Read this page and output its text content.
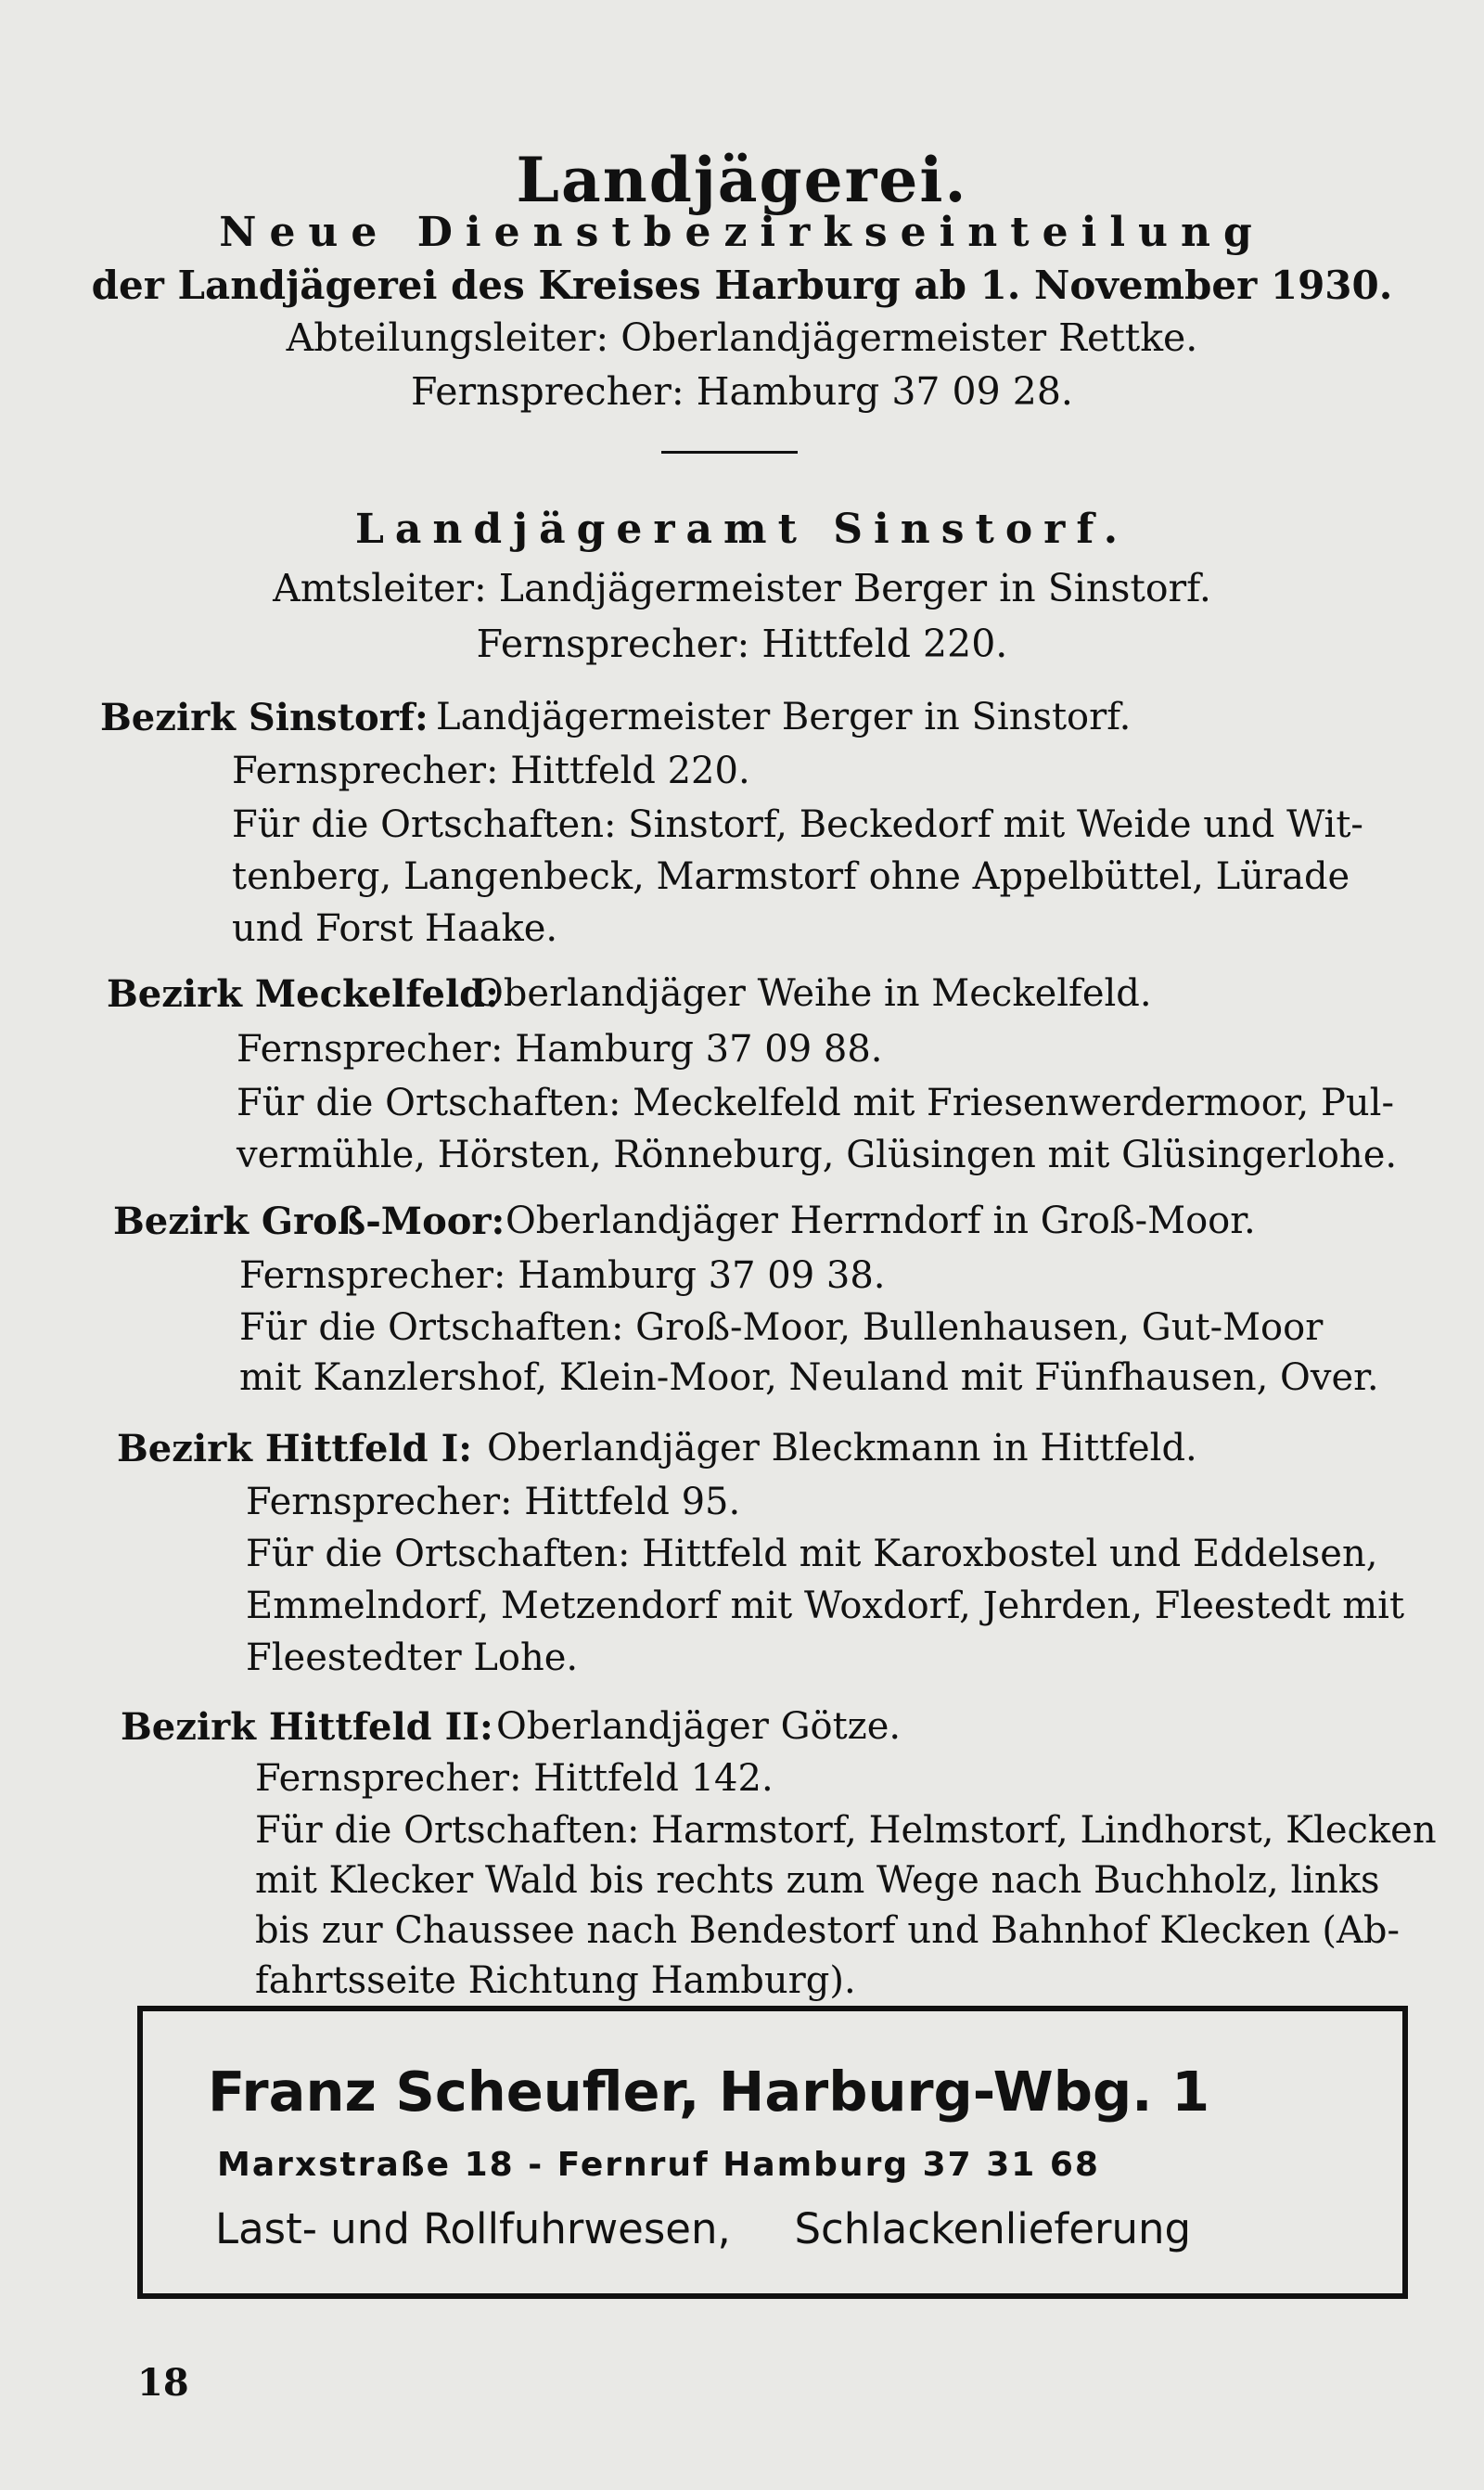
Landjägerei.
Neue Dienstbezirkseinteilung
der Landjägerei des Kreises Harburg ab 1. November 1930.
Abteilungsleiter: Oberlandjägermeister Rettke.
Fernsprecher: Hamburg 37 09 28.
Landjägeramt Sinstorf.
Amtsleiter: Landjägermeister Berger in Sinstorf.
Fernsprecher: Hittfeld 220.
Bezirk Sinstorf: Landjägermeister Berger in Sinstorf.
Fernsprecher: Hittfeld 220.
Für die Ortschaften: Sinstorf, Beckedorf mit Weide und Wit-
tenberg, Langenbeck, Marmstorf ohne Appelbüttel, Lürade
und Forst Haake.
Bezirk Meckelfeld:
Oberlandjäger Weihe in Meckelfeld.
Fernsprecher: Hamburg 37 09 88.
Für die Ortschaften: Meckelfeld mit Friesenwerdermoor, Pul-
vermühle, Hörsten, Rönneburg, Glüsingen mit Glüsingerlohe.
Bezirk Groß-Moor: Oberlandjäger Herrndorf in Groß-Moor.
Fernsprecher: Hamburg 37 09 38.
Für die Ortschaften: Groß-Moor, Bullenhausen, Gut-Moor
mit Kanzlershof, Klein-Moor, Neuland mit Fünfhausen, Over.
Bezirk Hittfeld I: Oberlandjäger Bleckmann in Hittfeld.
Fernsprecher: Hittfeld 95.
Für die Ortschaften: Hittfeld mit Karoxbostel und Eddelsen,
Emmelndorf, Metzendorf mit Woxdorf, Jehrden, Fleestedt mit
Fleestedter Lohe.
Bezirk Hittfeld II: Oberlandjäger Götze.
Fernsprecher: Hittfeld 142.
Für die Ortschaften: Harmstorf, Helmstorf, Lindhorst, Klecken
mit Klecker Wald bis rechts zum Wege nach Buchholz, links
bis zur Chaussee nach Bendestorf und Bahnhof Klecken (Ab-
fahrtsseite Richtung Hamburg).
Franz Scheufler, Harburg-Wbg. 1
Marxstraße 18 - Fernruf Hamburg 37 31 68
Last- und Rollfuhrwesen, Schlackenlieferung
18
